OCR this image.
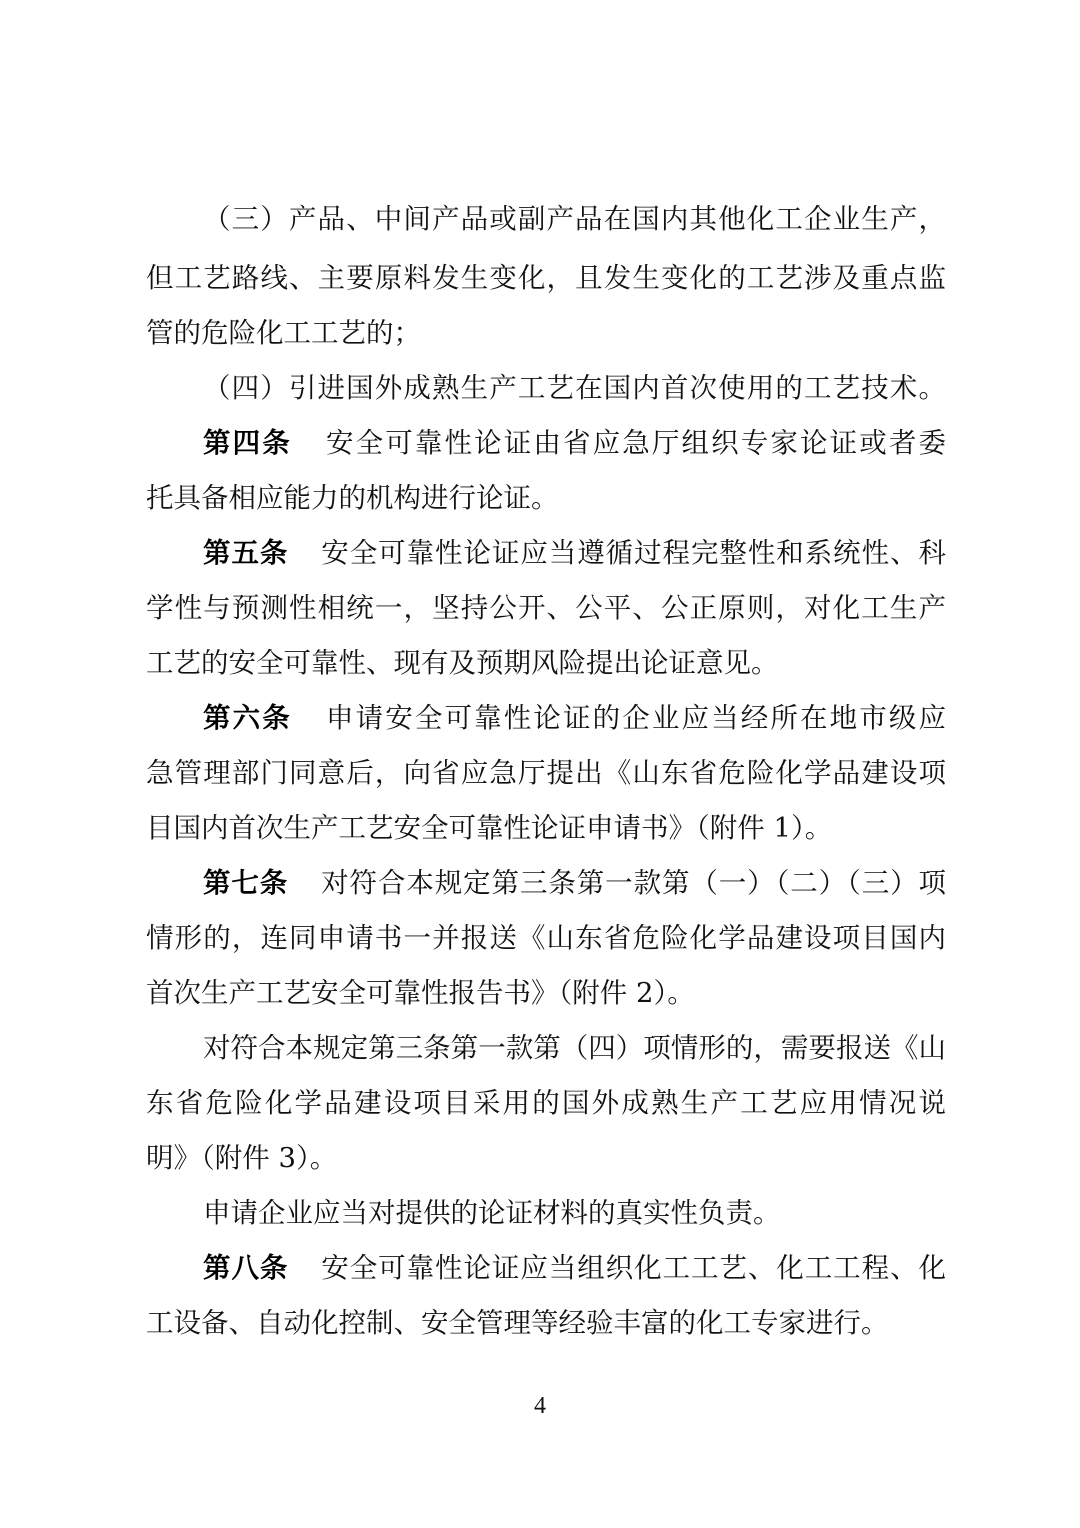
（三）产品、中间产品或副产品在国内其他化工企业生产，
但工艺路线、主要原料发生变化，且发生变化的工艺涉及重点监
管的危险化工工艺的；
（四）引进国外成熟生产工艺在国内首次使用的工艺技术。
第四条 安全可靠性论证由省应急厅组织专家论证或者委
托具备相应能力的机构进行论证。
第五条 安全可靠性论证应当遵循过程完整性和系统性、科
学性与预测性相统一，坚持公开、公平、公正原则，对化工生产
工艺的安全可靠性、现有及预期风险提出论证意见。
第六条 申请安全可靠性论证的企业应当经所在地市级应
急管理部门同意后，向省应急厅提出《山东省危险化学品建设项
目国内首次生产工艺安全可靠性论证申请书》（附件 1）。
第七条 对符合本规定第三条第一款第（一）（二）（三）项
情形的，连同申请书一并报送《山东省危险化学品建设项目国内
首次生产工艺安全可靠性报告书》（附件 2）。
对符合本规定第三条第一款第（四）项情形的，需要报送《山
东省危险化学品建设项目采用的国外成熟生产工艺应用情况说
明》（附件 3）。
申请企业应当对提供的论证材料的真实性负责。
第八条 安全可靠性论证应当组织化工工艺、化工工程、化
工设备、自动化控制、安全管理等经验丰富的化工专家进行。
4
